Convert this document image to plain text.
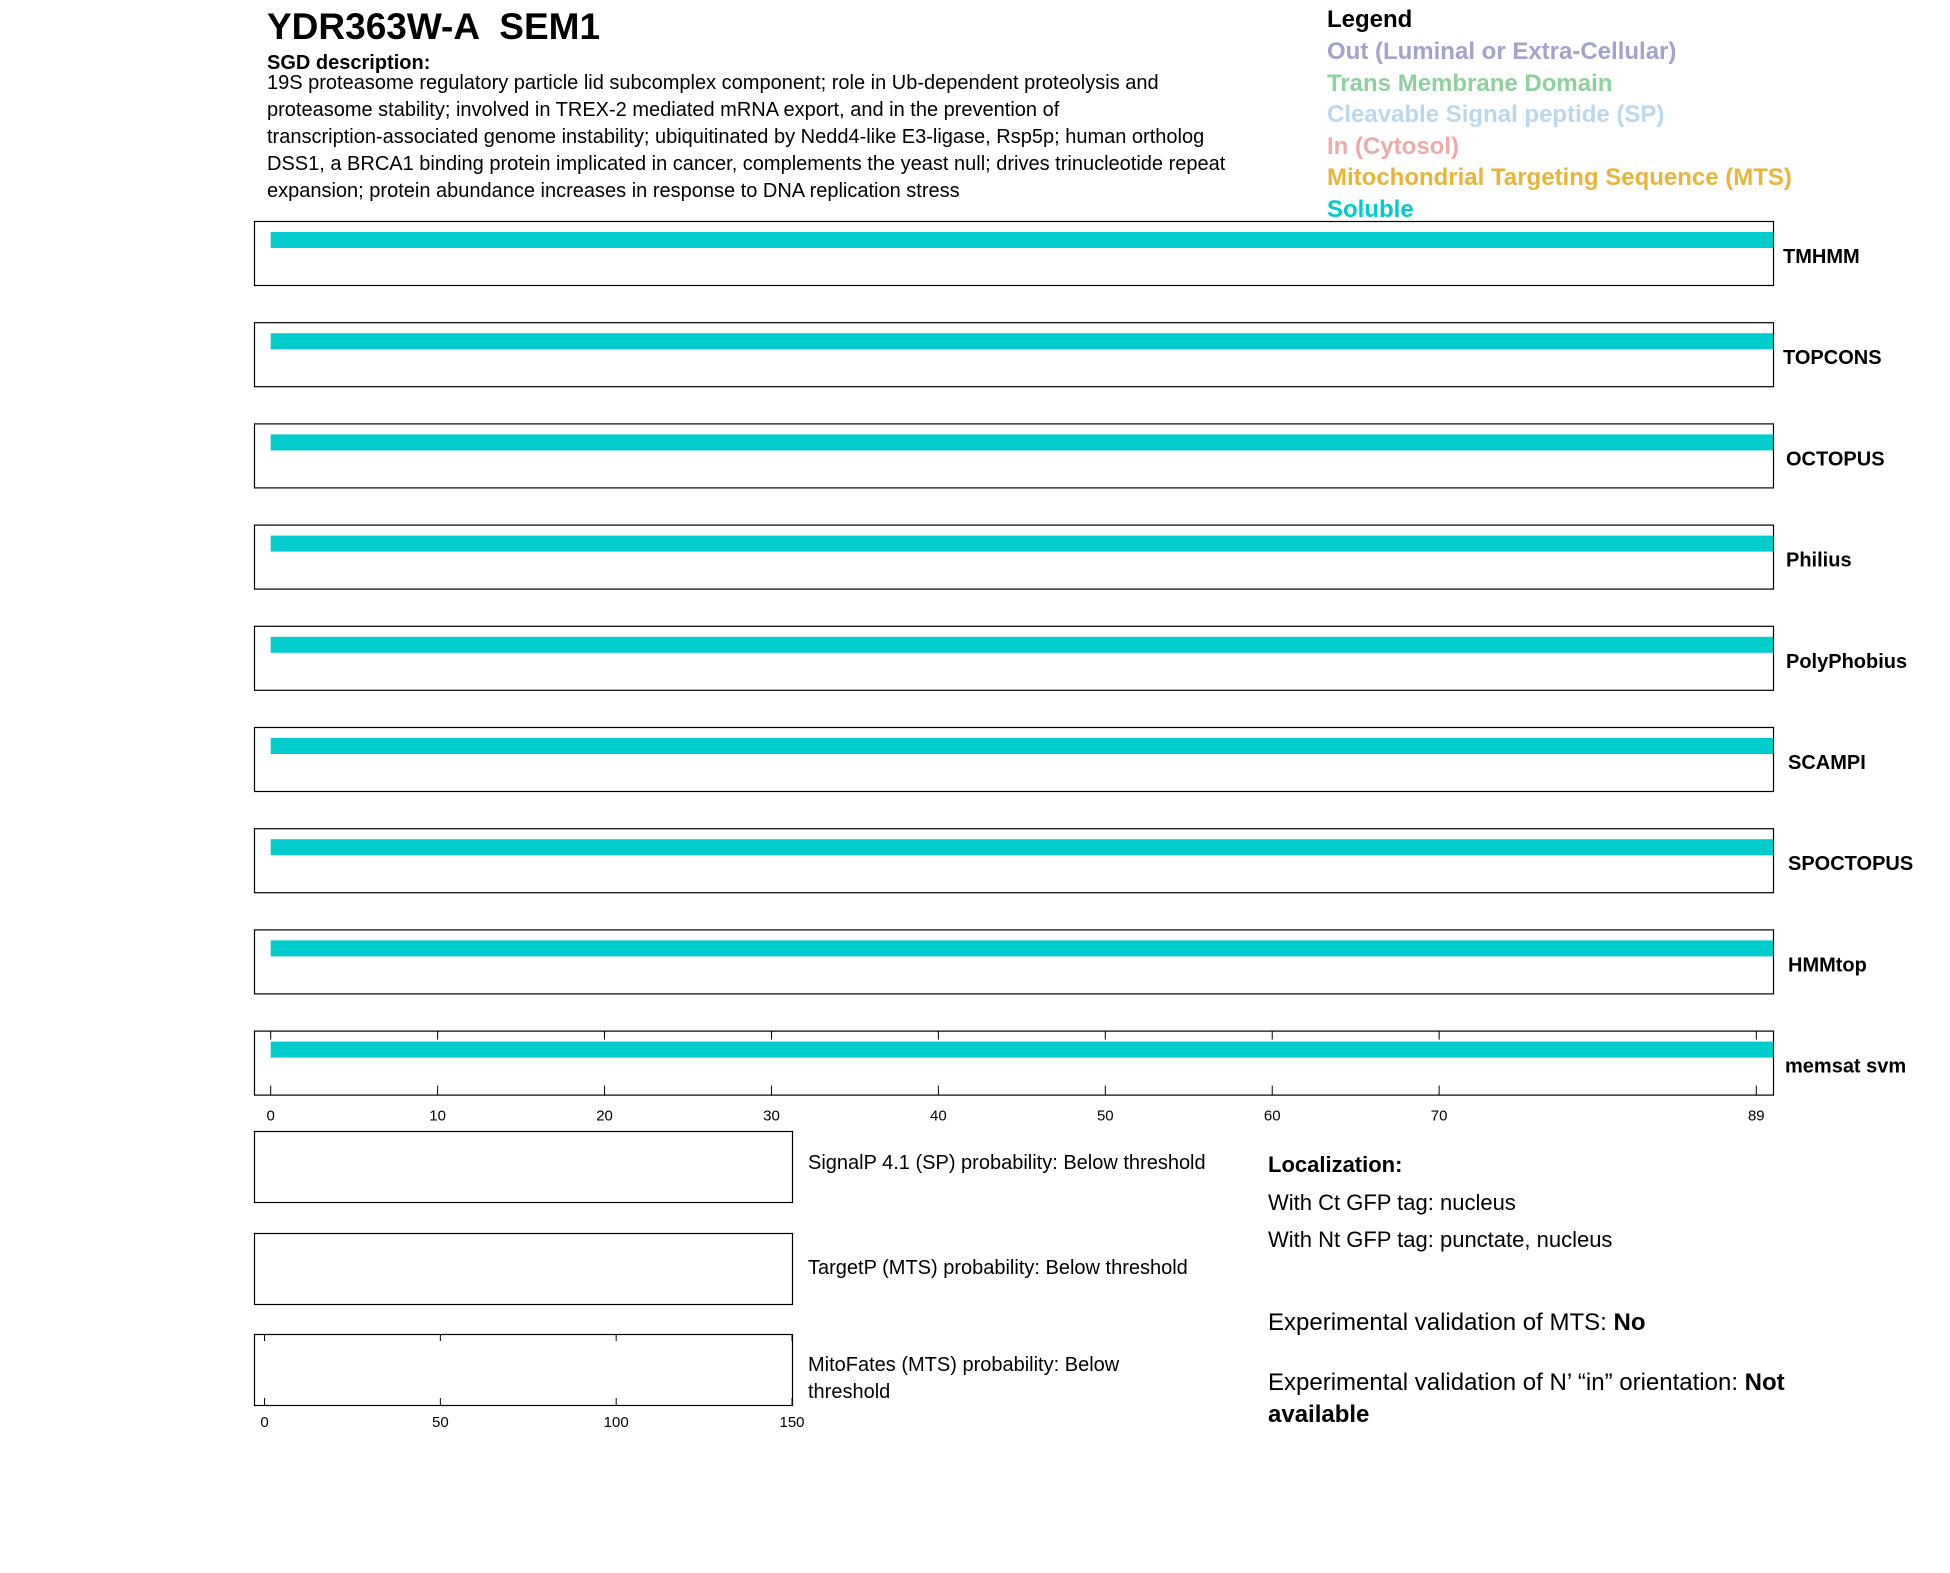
YDR363W-A SEM1
SGD description:
19S proteasome regulatory particle lid subcomplex component; role in Ub-dependent proteolysis and
proteasome stability; involved in TREX-2 mediated mRNA export, and in the prevention of
transcription-associated genome instability; ubiquitinated by Nedd4-like E3-ligase, Rsp5p; human ortholog
DSS1, a BRCA1 binding protein implicated in cancer, complements the yeast null; drives trinucleotide repeat
expansion; protein abundance increases in response to DNA replication stress
Legend
Out (Luminal or Extra-Cellular)
Trans Membrane Domain
Cleavable Signal peptide (SP)
In (Cytosol)
Mitochondrial Targeting Sequence (MTS)
Soluble
TMHMM
TOPCONS
OCTOPUS
Philius
PolyPhobius
SCAMPI
SPOCTOPUS
HMMtop
memsat svm
0	10	20	30	40	50	60	70	89
0	50	100	150
SignalP 4.1 (SP) probability: Below threshold
TargetP (MTS) probability: Below threshold
MitoFates (MTS) probability: Below threshold
Localization:
With Ct GFP tag: nucleus
With Nt GFP tag: punctate, nucleus
Experimental validation of MTS: No
Experimental validation of N’ “in” orientation: Not available
